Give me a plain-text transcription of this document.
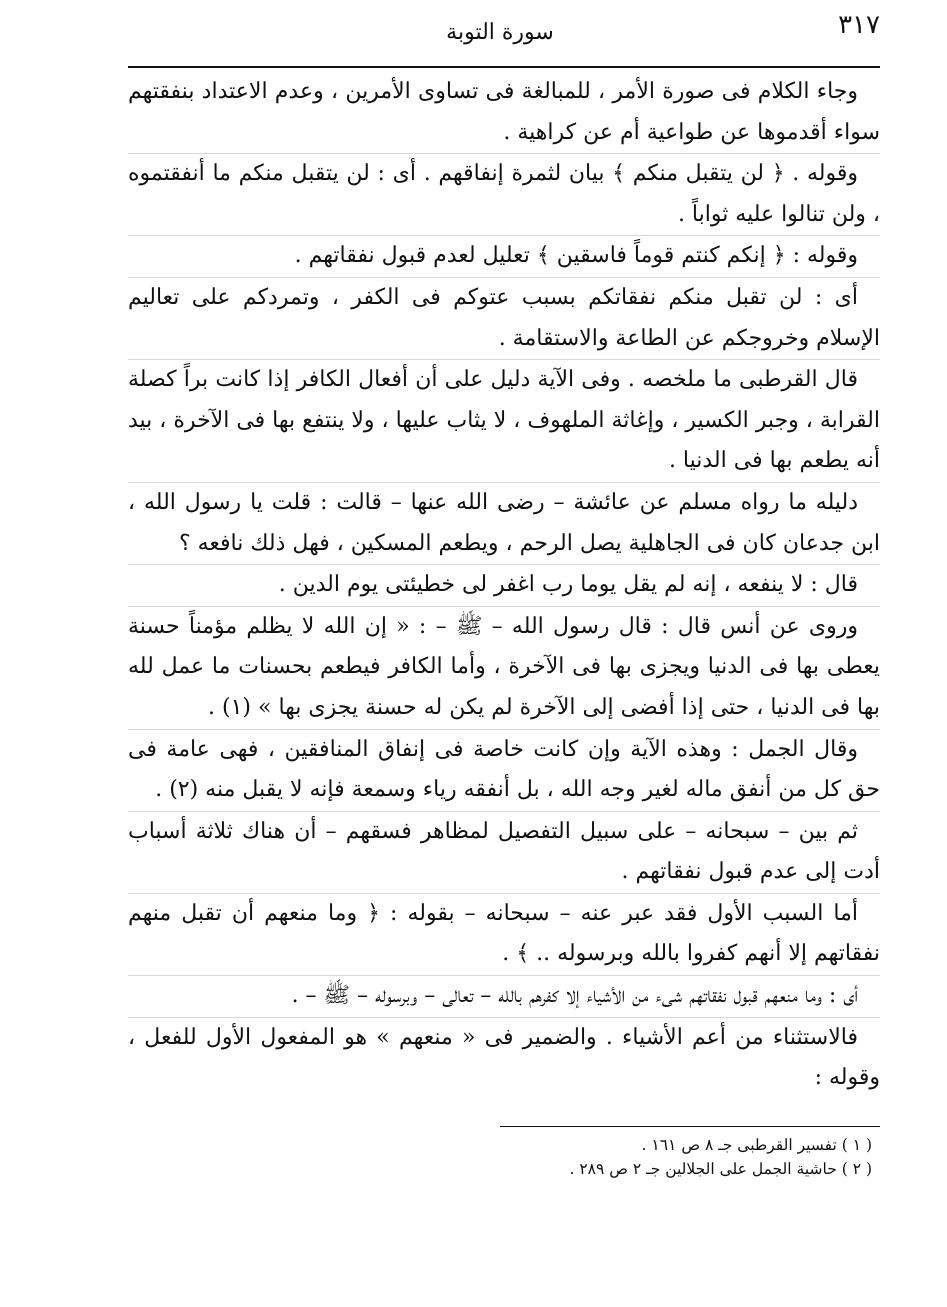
٣١٧
سورة التوبة

وجاء الكلام فى صورة الأمر ، للمبالغة فى تساوى الأمرين ، وعدم الاعتداد بنفقتهم سواء أقدموها عن طواعية أم عن كراهية .

وقوله . ﴿ لن يتقبل منكم ﴾ بيان لثمرة إنفاقهم . أى : لن يتقبل منكم ما أنفقتموه ، ولن تنالوا عليه ثواباً .

وقوله : ﴿ إنكم كنتم قوماً فاسقين ﴾ تعليل لعدم قبول نفقاتهم .

أى : لن تقبل منكم نفقاتكم بسبب عتوكم فى الكفر ، وتمردكم على تعاليم الإسلام وخروجكم عن الطاعة والاستقامة .

قال القرطبى ما ملخصه . وفى الآية دليل على أن أفعال الكافر إذا كانت براً كصلة القرابة ، وجبر الكسير ، وإغاثة الملهوف ، لا يثاب عليها ، ولا ينتفع بها فى الآخرة ، بيد أنه يطعم بها فى الدنيا .

دليله ما رواه مسلم عن عائشة – رضى الله عنها – قالت : قلت يا رسول الله ، ابن جدعان كان فى الجاهلية يصل الرحم ، ويطعم المسكين ، فهل ذلك نافعه ؟

قال : لا ينفعه ، إنه لم يقل يوما رب اغفر لى خطيئتى يوم الدين .

وروى عن أنس قال : قال رسول الله – ﷺ – : « إن الله لا يظلم مؤمناً حسنة يعطى بها فى الدنيا ويجزى بها فى الآخرة ، وأما الكافر فيطعم بحسنات ما عمل لله بها فى الدنيا ، حتى إذا أفضى إلى الآخرة لم يكن له حسنة يجزى بها » (١) .

وقال الجمل : وهذه الآية وإن كانت خاصة فى إنفاق المنافقين ، فهى عامة فى حق كل من أنفق ماله لغير وجه الله ، بل أنفقه رياء وسمعة فإنه لا يقبل منه (٢) .

ثم بين – سبحانه – على سبيل التفصيل لمظاهر فسقهم – أن هناك ثلاثة أسباب أدت إلى عدم قبول نفقاتهم .

أما السبب الأول فقد عبر عنه – سبحانه – بقوله : ﴿ وما منعهم أن تقبل منهم نفقاتهم إلا أنهم كفروا بالله وبرسوله .. ﴾ .

أى : وما منعهم قبول نفقاتهم شىء من الأشياء إلا كفرهم بالله – تعالى – وبرسوله – ﷺ – .

فالاستثناء من أعم الأشياء . والضمير فى « منعهم » هو المفعول الأول للفعل ، وقوله :

( ١ ) تفسير القرطبى جـ ٨ ص ١٦١ .

( ٢ ) حاشية الجمل على الجلالين جـ ٢ ص ٢٨٩ .
